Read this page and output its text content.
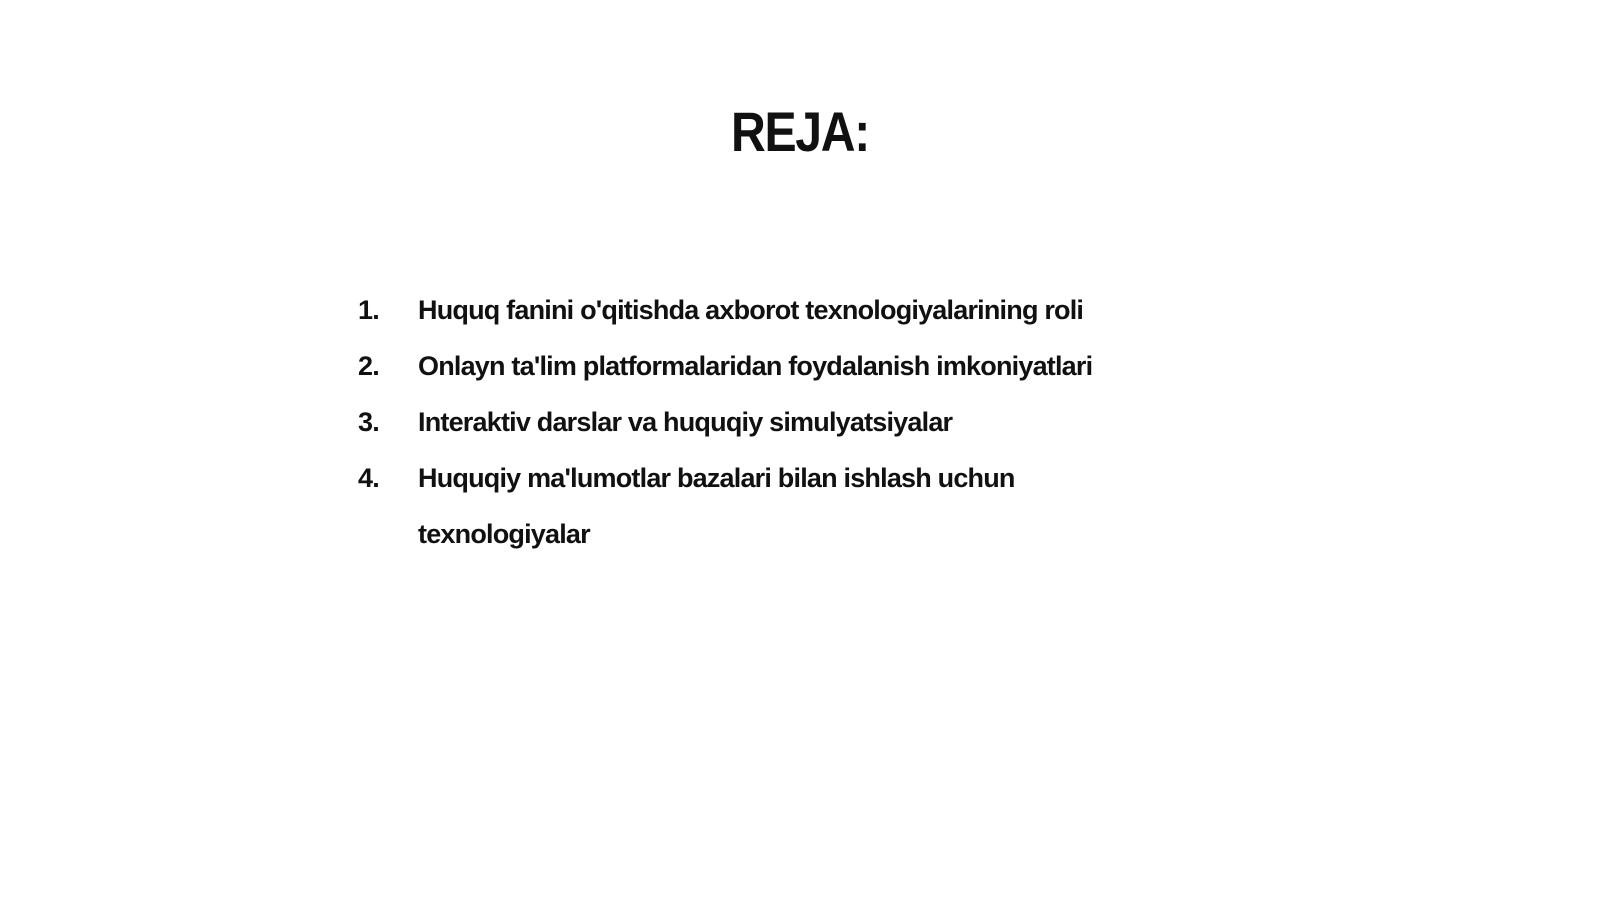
REJA:
1.	Huquq fanini o'qitishda axborot texnologiyalarining roli
2.	Onlayn ta'lim platformalaridan foydalanish imkoniyatlari
3.	Interaktiv darslar va huquqiy simulyatsiyalar
4.	Huquqiy ma'lumotlar bazalari bilan ishlash uchun texnologiyalar
